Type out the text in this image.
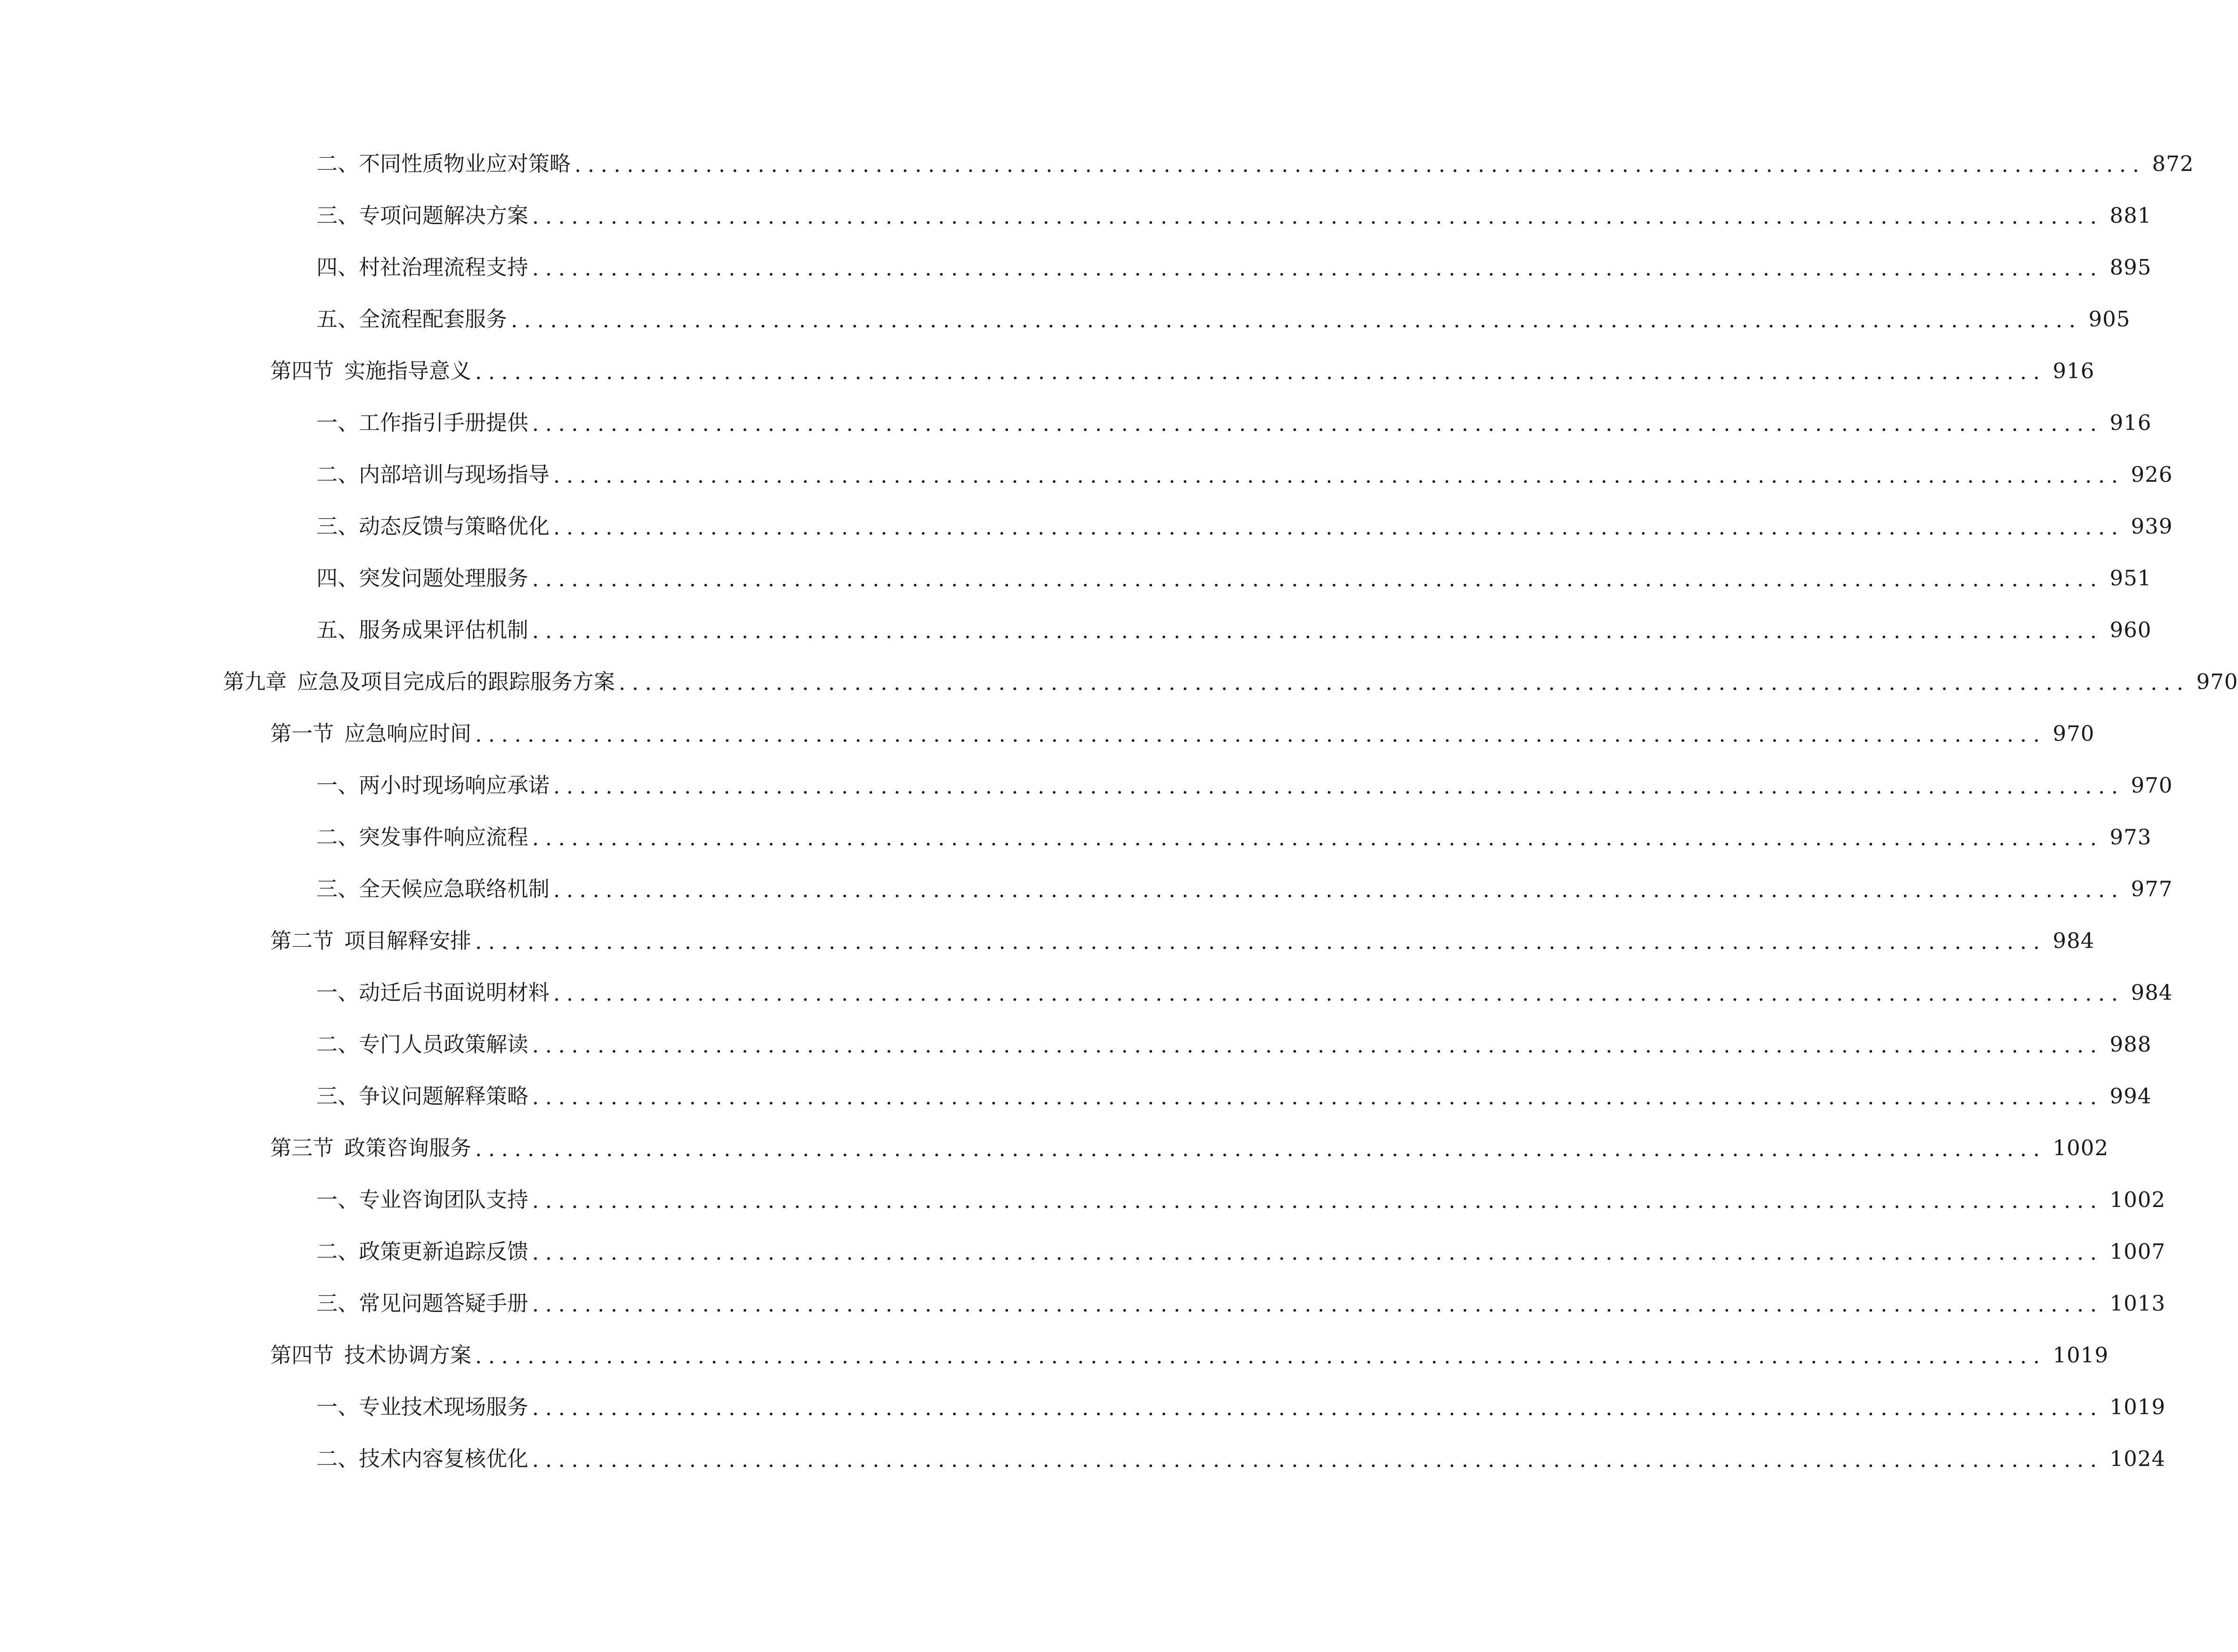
二、 不同性质物业应对策略 ........................................................................................................................ 872
三、 专项问题解决方案 ........................................................................................................................ 881
四、 村社治理流程支持 ........................................................................................................................ 895
五、 全流程配套服务 ........................................................................................................................ 905
第四节 实施指导意义 ........................................................................................................................ 916
一、 工作指引手册提供 ........................................................................................................................ 916
二、 内部培训与现场指导 ........................................................................................................................ 926
三、 动态反馈与策略优化 ........................................................................................................................ 939
四、 突发问题处理服务 ........................................................................................................................ 951
五、 服务成果评估机制 ........................................................................................................................ 960
第九章 应急及项目完成后的跟踪服务方案 ........................................................................................................................ 970
第一节 应急响应时间 ........................................................................................................................ 970
一、 两小时现场响应承诺 ........................................................................................................................ 970
二、 突发事件响应流程 ........................................................................................................................ 973
三、 全天候应急联络机制 ........................................................................................................................ 977
第二节 项目解释安排 ........................................................................................................................ 984
一、 动迁后书面说明材料 ........................................................................................................................ 984
二、 专门人员政策解读 ........................................................................................................................ 988
三、 争议问题解释策略 ........................................................................................................................ 994
第三节 政策咨询服务 ........................................................................................................................ 1002
一、 专业咨询团队支持 ........................................................................................................................ 1002
二、 政策更新追踪反馈 ........................................................................................................................ 1007
三、 常见问题答疑手册 ........................................................................................................................ 1013
第四节 技术协调方案 ........................................................................................................................ 1019
一、 专业技术现场服务 ........................................................................................................................ 1019
二、 技术内容复核优化 ........................................................................................................................ 1024
